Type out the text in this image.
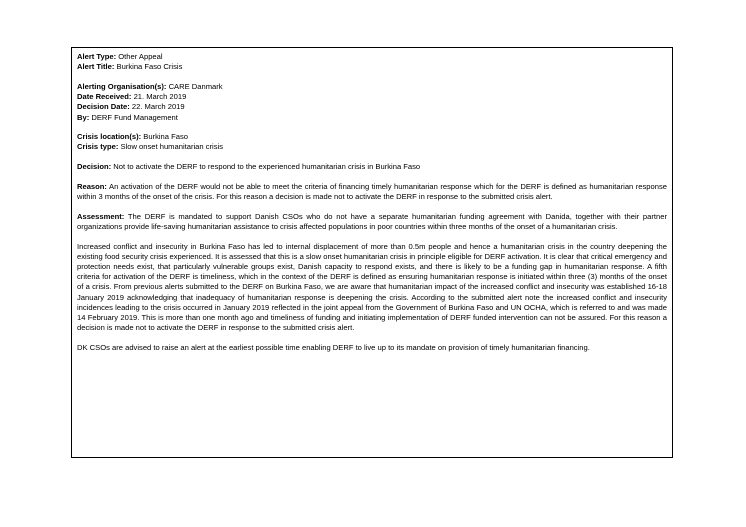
Alert Type: Other Appeal
Alert Title: Burkina Faso Crisis
Alerting Organisation(s): CARE Danmark
Date Received: 21. March 2019
Decision Date: 22. March 2019
By: DERF Fund Management
Crisis location(s): Burkina Faso
Crisis type: Slow onset humanitarian crisis

Decision: Not to activate the DERF to respond to the experienced humanitarian crisis in Burkina Faso

Reason: An activation of the DERF would not be able to meet the criteria of financing timely humanitarian response which for the DERF is defined as humanitarian response within 3 months of the onset of the crisis. For this reason a decision is made not to activate the DERF in response to the submitted crisis alert.

Assessment: The DERF is mandated to support Danish CSOs who do not have a separate humanitarian funding agreement with Danida, together with their partner organizations provide life-saving humanitarian assistance to crisis affected populations in poor countries within three months of the onset of a humanitarian crisis.

Increased conflict and insecurity in Burkina Faso has led to internal displacement of more than 0.5m people and hence a humanitarian crisis in the country deepening the existing food security crisis experienced. It is assessed that this is a slow onset humanitarian crisis in principle eligible for DERF activation. It is clear that critical emergency and protection needs exist, that particularly vulnerable groups exist, Danish capacity to respond exists, and there is likely to be a funding gap in humanitarian response. A fifth criteria for activation of the DERF is timeliness, which in the context of the DERF is defined as ensuring humanitarian response is initiated within three (3) months of the onset of a crisis. From previous alerts submitted to the DERF on Burkina Faso, we are aware that humanitarian impact of the increased conflict and insecurity was established 16-18 January 2019 acknowledging that inadequacy of humanitarian response is deepening the crisis. According to the submitted alert note the increased conflict and insecurity incidences leading to the crisis occurred in January 2019 reflected in the joint appeal from the Government of Burkina Faso and UN OCHA, which is referred to and was made 14 February 2019. This is more than one month ago and timeliness of funding and initiating implementation of DERF funded intervention can not be assured. For this reason a decision is made not to activate the DERF in response to the submitted crisis alert.

DK CSOs are advised to raise an alert at the earliest possible time enabling DERF to live up to its mandate on provision of timely humanitarian financing.
